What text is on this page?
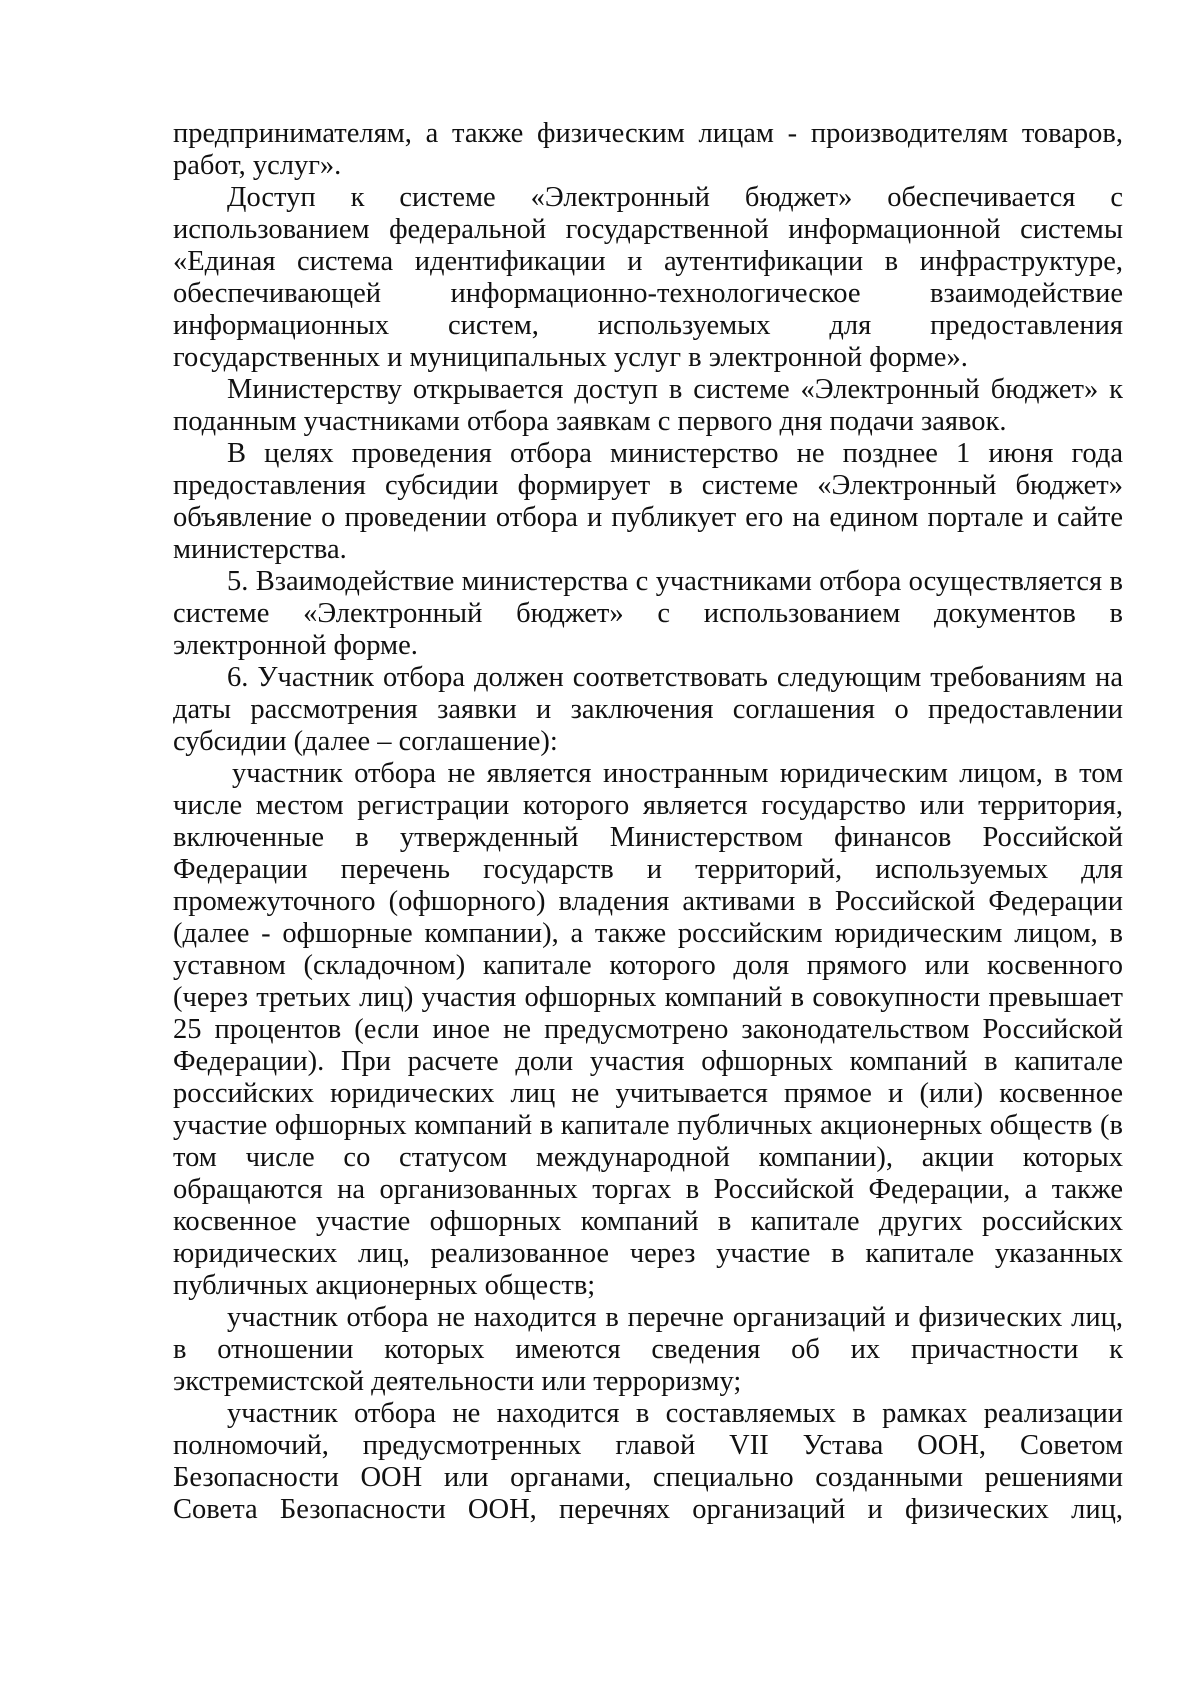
предпринимателям, а также физическим лицам - производителям товаров, работ, услуг».

Доступ к системе «Электронный бюджет» обеспечивается с использованием федеральной государственной информационной системы «Единая система идентификации и аутентификации в инфраструктуре, обеспечивающей информационно-технологическое взаимодействие информационных систем, используемых для предоставления государственных и муниципальных услуг в электронной форме».

Министерству открывается доступ в системе «Электронный бюджет» к поданным участниками отбора заявкам с первого дня подачи заявок.

В целях проведения отбора министерство не позднее 1 июня года предоставления субсидии формирует в системе «Электронный бюджет» объявление о проведении отбора и публикует его на едином портале и сайте министерства.

5. Взаимодействие министерства с участниками отбора осуществляется в системе «Электронный бюджет» с использованием документов в электронной форме.

6. Участник отбора должен соответствовать следующим требованиям на даты рассмотрения заявки и заключения соглашения о предоставлении субсидии (далее – соглашение):

участник отбора не является иностранным юридическим лицом, в том числе местом регистрации которого является государство или территория, включенные в утвержденный Министерством финансов Российской Федерации перечень государств и территорий, используемых для промежуточного (офшорного) владения активами в Российской Федерации (далее - офшорные компании), а также российским юридическим лицом, в уставном (складочном) капитале которого доля прямого или косвенного (через третьих лиц) участия офшорных компаний в совокупности превышает 25 процентов (если иное не предусмотрено законодательством Российской Федерации). При расчете доли участия офшорных компаний в капитале российских юридических лиц не учитывается прямое и (или) косвенное участие офшорных компаний в капитале публичных акционерных обществ (в том числе со статусом международной компании), акции которых обращаются на организованных торгах в Российской Федерации, а также косвенное участие офшорных компаний в капитале других российских юридических лиц, реализованное через участие в капитале указанных публичных акционерных обществ;

участник отбора не находится в перечне организаций и физических лиц, в отношении которых имеются сведения об их причастности к экстремистской деятельности или терроризму;

участник отбора не находится в составляемых в рамках реализации полномочий, предусмотренных главой VII Устава ООН, Советом Безопасности ООН или органами, специально созданными решениями Совета Безопасности ООН, перечнях организаций и физических лиц,
